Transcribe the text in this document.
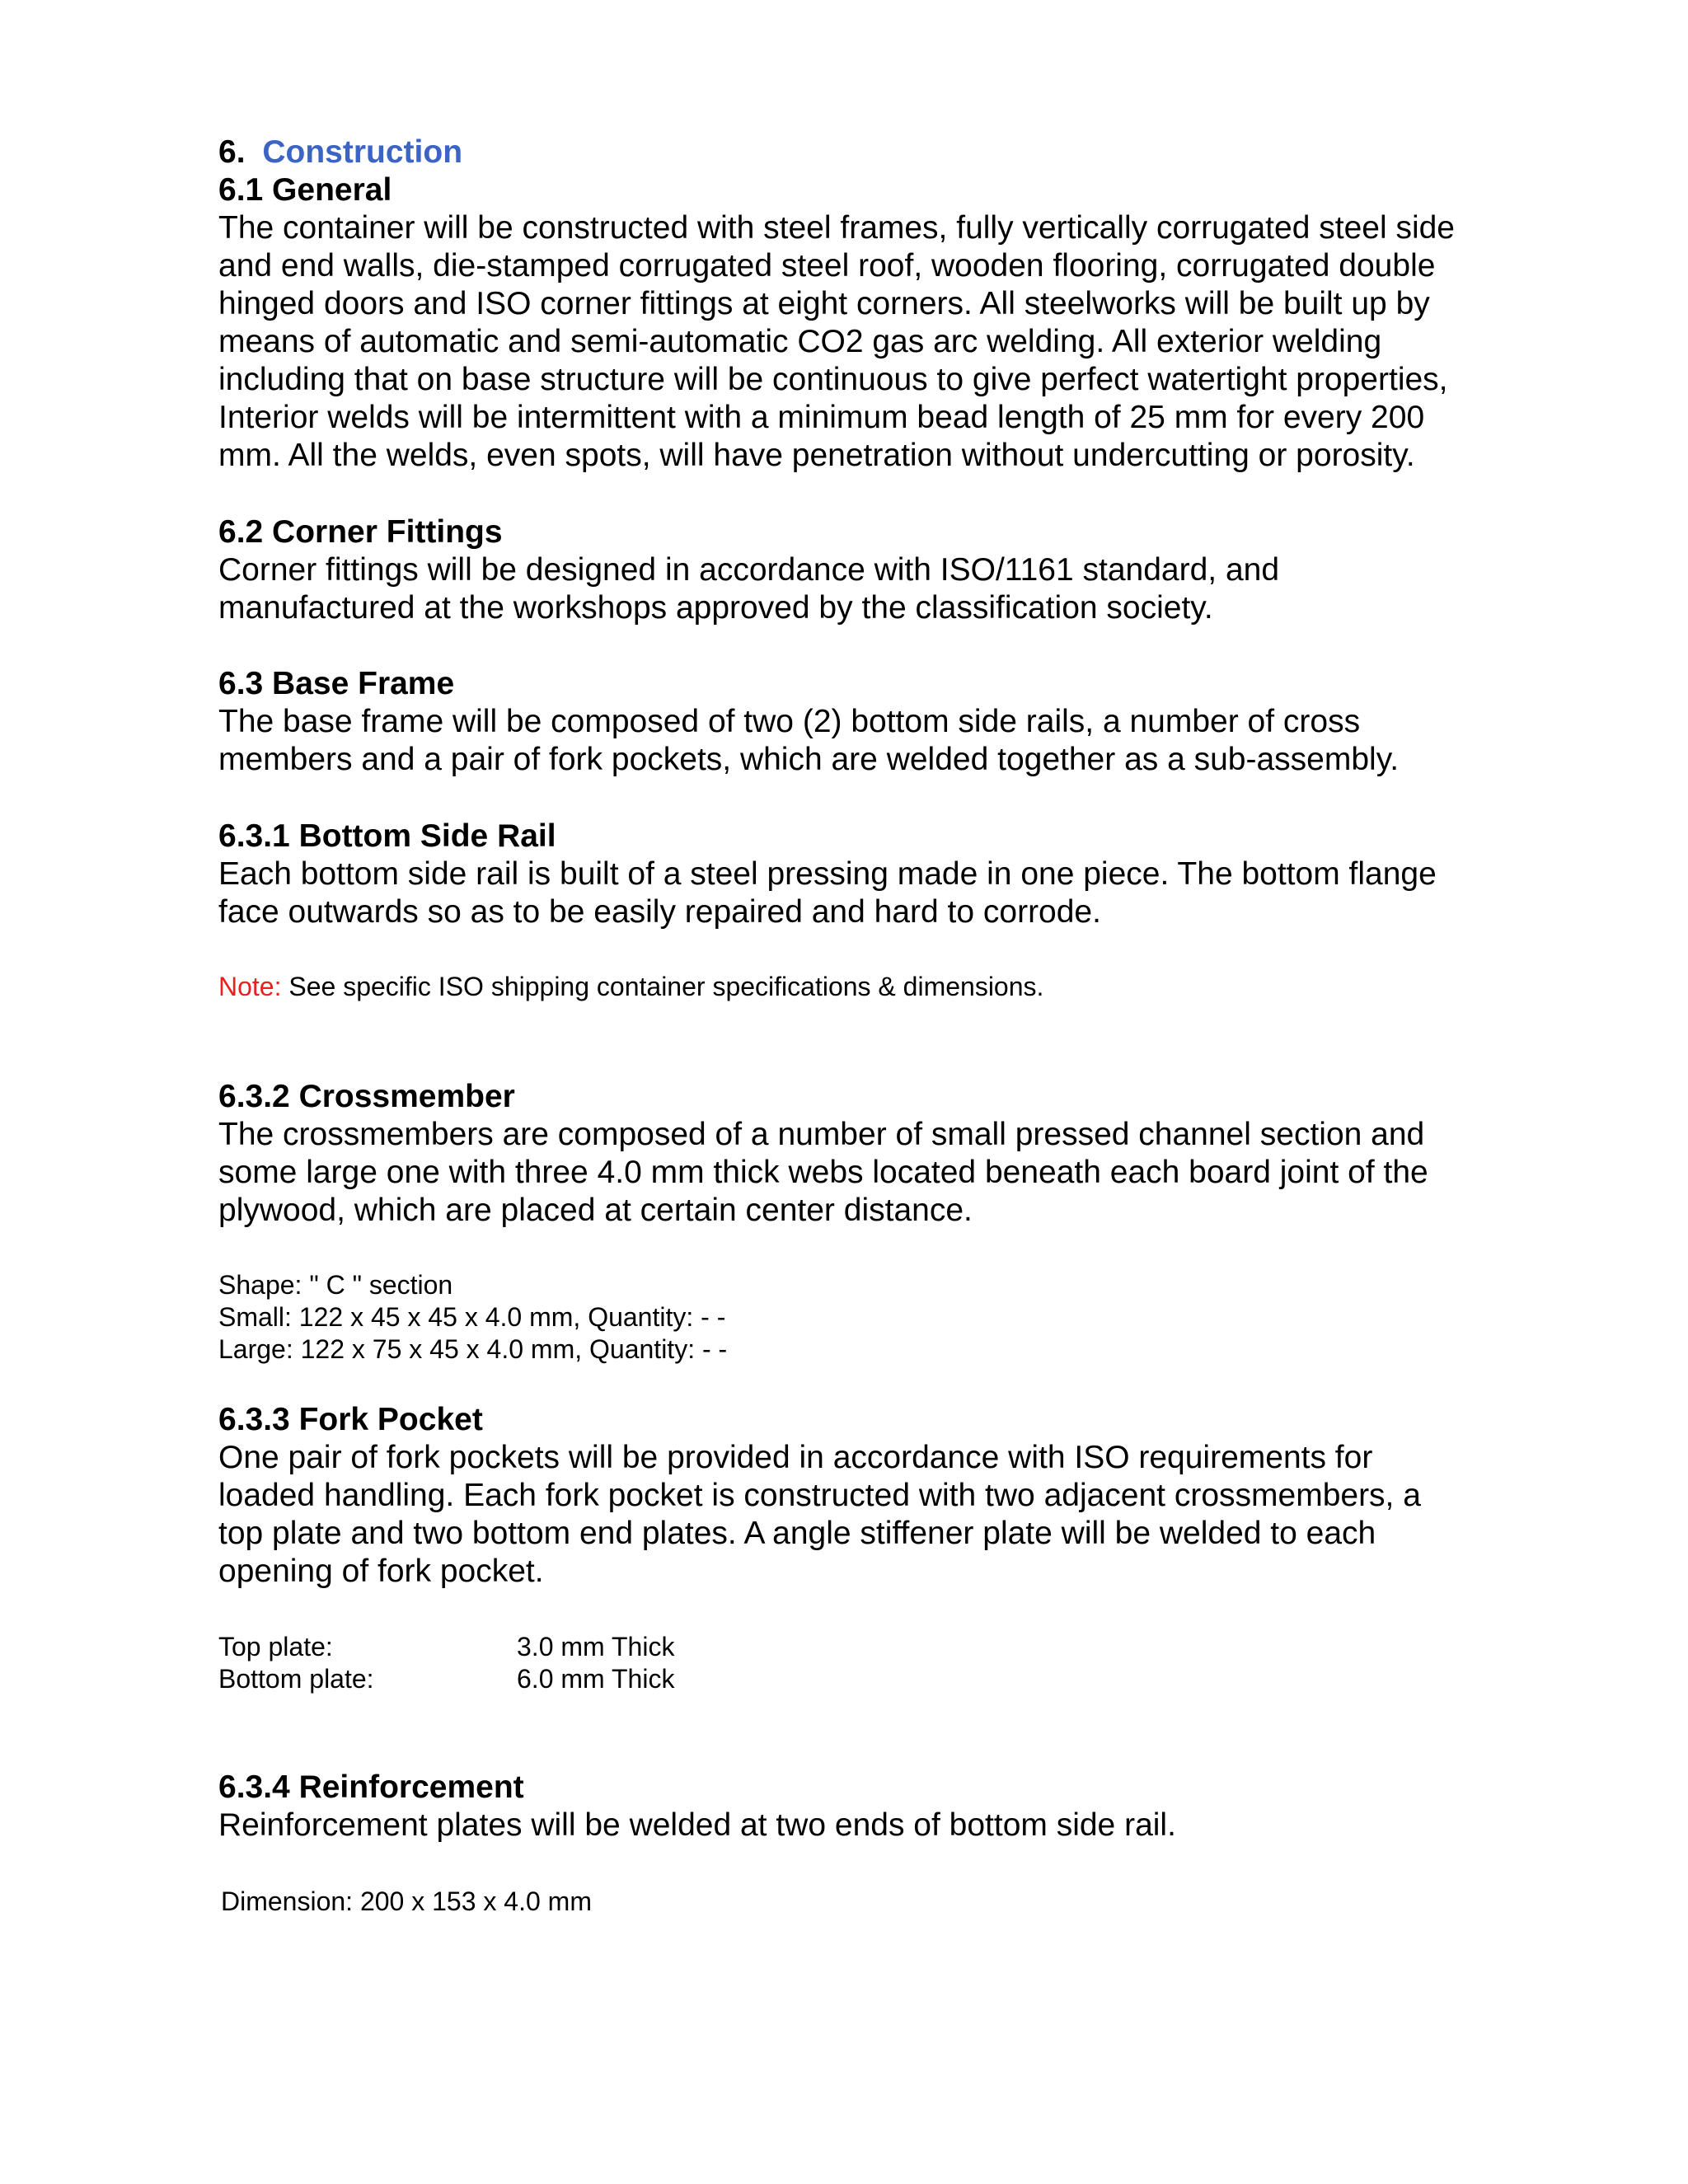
6. Construction
6.1 General
The container will be constructed with steel frames, fully vertically corrugated steel side
and end walls, die-stamped corrugated steel roof, wooden flooring, corrugated double
hinged doors and ISO corner fittings at eight corners. All steelworks will be built up by
means of automatic and semi-automatic CO2 gas arc welding. All exterior welding
including that on base structure will be continuous to give perfect watertight properties,
Interior welds will be intermittent with a minimum bead length of 25 mm for every 200
mm. All the welds, even spots, will have penetration without undercutting or porosity.
6.2 Corner Fittings
Corner fittings will be designed in accordance with ISO/1161 standard, and
manufactured at the workshops approved by the classification society.
6.3 Base Frame
The base frame will be composed of two (2) bottom side rails, a number of cross
members and a pair of fork pockets, which are welded together as a sub-assembly.
6.3.1 Bottom Side Rail
Each bottom side rail is built of a steel pressing made in one piece. The bottom flange
face outwards so as to be easily repaired and hard to corrode.
Note: See specific ISO shipping container specifications & dimensions.
6.3.2 Crossmember
The crossmembers are composed of a number of small pressed channel section and
some large one with three 4.0 mm thick webs located beneath each board joint of the
plywood, which are placed at certain center distance.
Shape: " C " section
Small: 122 x 45 x 45 x 4.0 mm, Quantity: - -
Large: 122 x 75 x 45 x 4.0 mm, Quantity: - -
6.3.3 Fork Pocket
One pair of fork pockets will be provided in accordance with ISO requirements for
loaded handling. Each fork pocket is constructed with two adjacent crossmembers, a
top plate and two bottom end plates. A angle stiffener plate will be welded to each
opening of fork pocket.
Top plate:	3.0 mm Thick
Bottom plate:	6.0 mm Thick
6.3.4 Reinforcement
Reinforcement plates will be welded at two ends of bottom side rail.
Dimension: 200 x 153 x 4.0 mm
